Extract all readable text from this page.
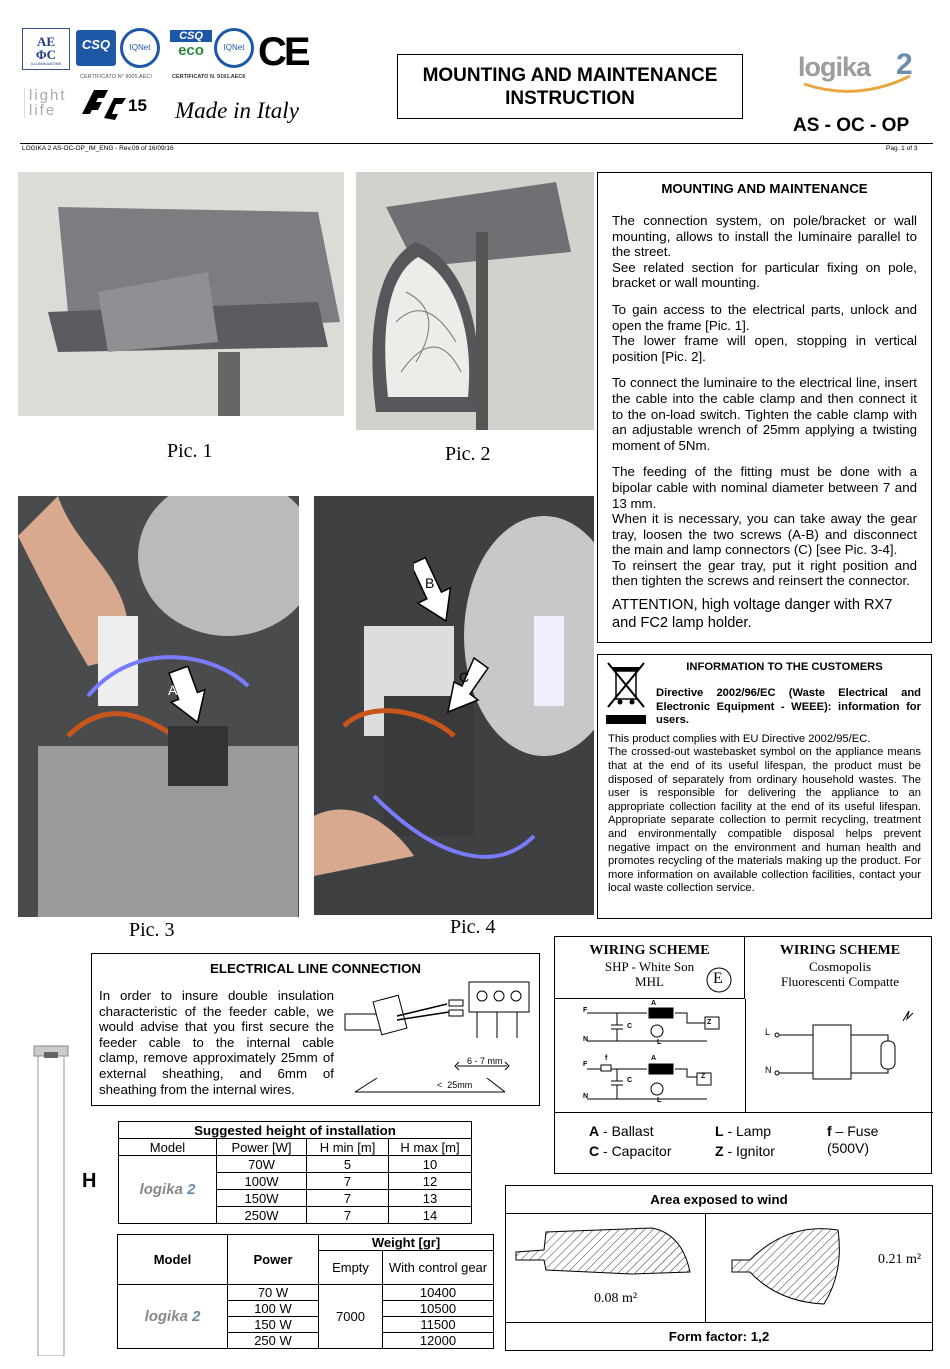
AE
ΦC
ILLUMINAZIONE
CSQ	IQNet
CERTIFICATO N° 9005.AECI
CSQ
eco	IQNet
CERTIFICATO N. 9191.AEC6
CE
light
life	15 Made in Italy
MOUNTING AND MAINTENANCE INSTRUCTION
logika 2
AS - OC - OP
LOGIKA 2 AS-OC-OP_IM_ENG - Rev.09 of 16/09/16	Pag. 1 of 3
Pic. 1	Pic. 2
A
Pic. 3
B
C
Pic. 4
MOUNTING AND MAINTENANCE
The connection system, on pole/bracket or wall mounting, allows to install the luminaire parallel to the street.
See related section for particular fixing on pole, bracket or wall mounting.
To gain access to the electrical parts, unlock and open the frame [Pic. 1].
The lower frame will open, stopping in vertical position [Pic. 2].
To connect the luminaire to the electrical line, insert the cable into the cable clamp and then connect it to the on-load switch. Tighten the cable clamp with an adjustable wrench of 25mm applying a twisting moment of 5Nm.
The feeding of the fitting must be done with a bipolar cable with nominal diameter between 7 and 13 mm.
When it is necessary, you can take away the gear tray, loosen the two screws (A-B) and disconnect the main and lamp connectors (C) [see Pic. 3-4].
To reinsert the gear tray, put it right position and then tighten the screws and reinsert the connector.
ATTENTION, high voltage danger with RX7 and FC2 lamp holder.
INFORMATION TO THE CUSTOMERS
Directive 2002/96/EC (Waste Electrical and Electronic Equipment - WEEE): information for users.
This product complies with EU Directive 2002/95/EC.
The crossed-out wastebasket symbol on the appliance means that at the end of its useful lifespan, the product must be disposed of separately from ordinary household wastes. The user is responsible for delivering the appliance to an appropriate collection facility at the end of its useful lifespan. Appropriate separate collection to permit recycling, treatment and environmentally compatible disposal helps prevent negative impact on the environment and human health and promotes recycling of the materials making up the product. For more information on available collection facilities, contact your local waste collection service.
ELECTRICAL LINE CONNECTION
In order to insure double insulation characteristic of the feeder cable, we would advise that you first secure the feeder cable to the internal cable clamp, remove approximately 25mm of external sheathing, and 6mm of sheathing from the internal wires.
6 - 7 mm
<  25mm
WIRING SCHEME
SHP - White Son
MHL	E
WIRING SCHEME
Cosmopolis
Fluorescenti Compatte
F
N
C
A
Z
L
F
f
N
C
A
Z
L
L
N
A - Ballast
C - Capacitor
L - Lamp
Z - Ignitor
f – Fuse
(500V)
H
Suggested height of installation			
Model	Power [W]	H min [m]	H max [m]
logika 2	70W	5	10
	100W	7	12
	150W	7	13
	250W	7	14
Model	Power	Weight [gr]	
		Empty	With control gear
logika 2	70 W	7000	10400
	100 W		10500
	150 W		11500
	250 W		12000
Area exposed to wind
0.08 m²
0.21 m²
Form factor: 1,2
